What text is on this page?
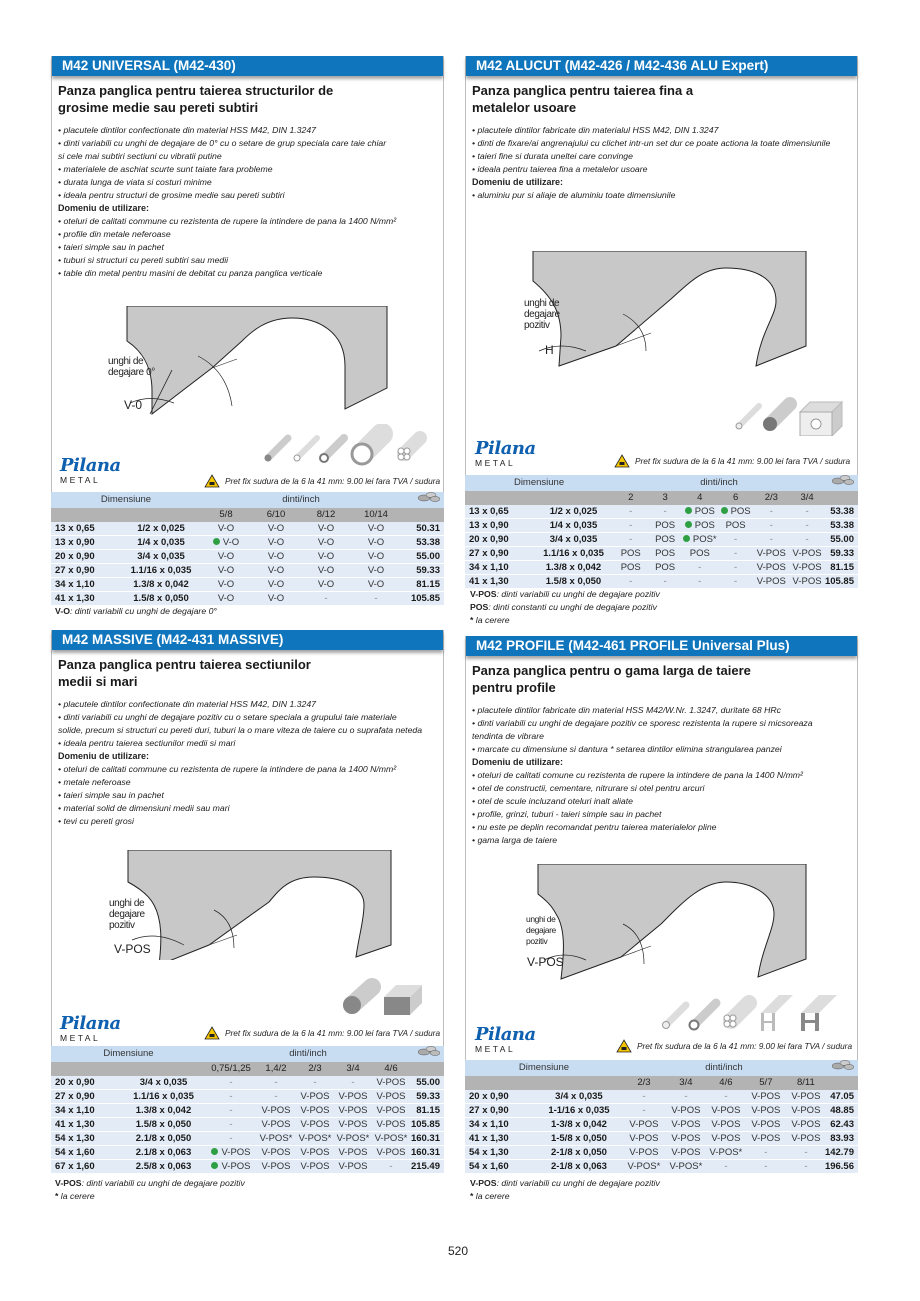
M42 UNIVERSAL (M42-430)
Panza panglica pentru taierea structurilor de
grosime medie sau pereti subtiri
• placutele dintilor confectionate din material HSS M42, DIN 1.3247
• dinti variabili cu unghi de degajare de 0° cu o setare de grup speciala care taie chiar
si cele mai subtiri sectiuni cu vibratii putine
• materialele de aschiat scurte sunt taiate fara probleme
• durata lunga de viata si costuri minime
• ideala pentru structuri de grosime medie sau pereti subtiri
Domeniu de utilizare:
• oteluri de calitati commune cu rezistenta de rupere la intindere de pana la 1400 N/mm²
• profile din metale neferoase
• taieri simple sau in pachet
• tuburi si structuri cu pereti subtiri sau medii
• table din metal pentru masini de debitat cu panza panglica verticale
unghi de
degajare 0°
V-0
Pilana
METAL	Pret fix sudura de la 6 la 41 mm: 9.00 lei fara TVA / sudura
Dimensiune		dinti/inch	
		5/8	6/10	8/12	10/14	
13 x 0,65	1/2 x 0,025	V-O	V-O	V-O	V-O	50.31
13 x 0,90	1/4 x 0,035	V-O	V-O	V-O	V-O	53.38
20 x 0,90	3/4 x 0,035	V-O	V-O	V-O	V-O	55.00
27 x 0,90	1.1/16 x 0,035	V-O	V-O	V-O	V-O	59.33
34 x 1,10	1.3/8 x 0,042	V-O	V-O	V-O	V-O	81.15
41 x 1,30	1.5/8 x 0,050	V-O	V-O	-	-	105.85
V-O: dinti variabili cu unghi de degajare 0°
M42 ALUCUT (M42-426 / M42-436 ALU Expert)
Panza panglica pentru taierea fina a
metalelor usoare
• placutele dintilor fabricate din materialul HSS M42, DIN 1.3247
• dinti de fixare/ai angrenajului cu clichet intr-un set dur ce poate actiona la toate dimensiunile
• taieri fine si durata uneltei care convinge
• ideala pentru taierea fina a metalelor usoare
Domeniu de utilizare:
• aluminiu pur si aliaje de aluminiu toate dimensiunile
unghi de
degajare
pozitiv
H
Pilana
METAL	Pret fix sudura de la 6 la 41 mm: 9.00 lei fara TVA / sudura
Dimensiune		dinti/inch	
		2	3	4	6	2/3	3/4	
13 x 0,65	1/2 x 0,025	-	-	POS	POS	-	-	53.38
13 x 0,90	1/4 x 0,035	-	POS	POS	POS	-	-	53.38
20 x 0,90	3/4 x 0,035	-	POS	POS*	-	-	-	55.00
27 x 0,90	1.1/16 x 0,035	POS	POS	POS	-	V-POS	V-POS	59.33
34 x 1,10	1.3/8 x 0,042	POS	POS	-	-	V-POS	V-POS	81.15
41 x 1,30	1.5/8 x 0,050	-	-	-	-	V-POS	V-POS	105.85
V-POS: dinti variabili cu unghi de degajare pozitiv
POS: dinti constanti cu unghi de degajare pozitiv
* la cerere
M42 MASSIVE (M42-431 MASSIVE)
Panza panglica pentru taierea sectiunilor
medii si mari
• placutele dintilor confectionate din material HSS M42, DIN 1.3247
• dinti variabili cu unghi de degajare pozitiv cu o setare speciala a grupului taie materiale
solide, precum si structuri cu pereti duri, tuburi la o mare viteza de taiere cu o suprafata neteda
• ideala pentru taierea sectiunilor medii si mari
Domeniu de utilizare:
• oteluri de calitati commune cu rezistenta de rupere la intindere de pana la 1400 N/mm²
• metale neferoase
• taieri simple sau in pachet
• material solid de dimensiuni medii sau mari
• tevi cu pereti grosi
unghi de
degajare
pozitiv
V-POS
Pilana
METAL	Pret fix sudura de la 6 la 41 mm: 9.00 lei fara TVA / sudura
Dimensiune		dinti/inch	
		0,75/1,25	1,4/2	2/3	3/4	4/6	
20 x 0,90	3/4 x 0,035	-	-	-	-	V-POS	55.00
27 x 0,90	1.1/16 x 0,035	-	-	V-POS	V-POS	V-POS	59.33
34 x 1,10	1.3/8 x 0,042	-	V-POS	V-POS	V-POS	V-POS	81.15
41 x 1,30	1.5/8 x 0,050	-	V-POS	V-POS	V-POS	V-POS	105.85
54 x 1,30	2.1/8 x 0,050	-	V-POS*	V-POS*	V-POS*	V-POS*	160.31
54 x 1,60	2.1/8 x 0,063	V-POS	V-POS	V-POS	V-POS	V-POS	160.31
67 x 1,60	2.5/8 x 0,063	V-POS	V-POS	V-POS	V-POS	-	215.49
V-POS: dinti variabili cu unghi de degajare pozitiv
* la cerere
M42 PROFILE (M42-461 PROFILE Universal Plus)
Panza panglica pentru o gama larga de taiere
pentru profile
• placutele dintilor fabricate din material HSS M42/W.Nr. 1.3247, duritate 68 HRc
• dinti variabili cu unghi de degajare pozitiv ce sporesc rezistenta la rupere si micsoreaza
tendinta de vibrare
• marcate cu dimensiune si dantura * setarea dintilor elimina strangularea panzei
Domeniu de utilizare:
• oteluri de calitati comune cu rezistenta de rupere la intindere de pana la 1400 N/mm²
• otel de constructii, cementare, nitrurare si otel pentru arcuri
• otel de scule incluzand oteluri inalt aliate
• profile, grinzi, tuburi - taieri simple sau in pachet
• nu este pe deplin recomandat pentru taierea materialelor pline
• gama larga de taiere
unghi de
degajare
pozitiv
V-POS
Pilana
METAL	Pret fix sudura de la 6 la 41 mm: 9.00 lei fara TVA / sudura
Dimensiune		dinti/inch	
		2/3	3/4	4/6	5/7	8/11	
20 x 0,90	3/4 x 0,035	-	-	-	V-POS	V-POS	47.05
27 x 0,90	1-1/16 x 0,035	-	V-POS	V-POS	V-POS	V-POS	48.85
34 x 1,10	1-3/8 x 0,042	V-POS	V-POS	V-POS	V-POS	V-POS	62.43
41 x 1,30	1-5/8 x 0,050	V-POS	V-POS	V-POS	V-POS	V-POS	83.93
54 x 1,30	2-1/8 x 0,050	V-POS	V-POS	V-POS*	-	-	142.79
54 x 1,60	2-1/8 x 0,063	V-POS*	V-POS*	-	-	-	196.56
V-POS: dinti variabili cu unghi de degajare pozitiv
* la cerere
520
